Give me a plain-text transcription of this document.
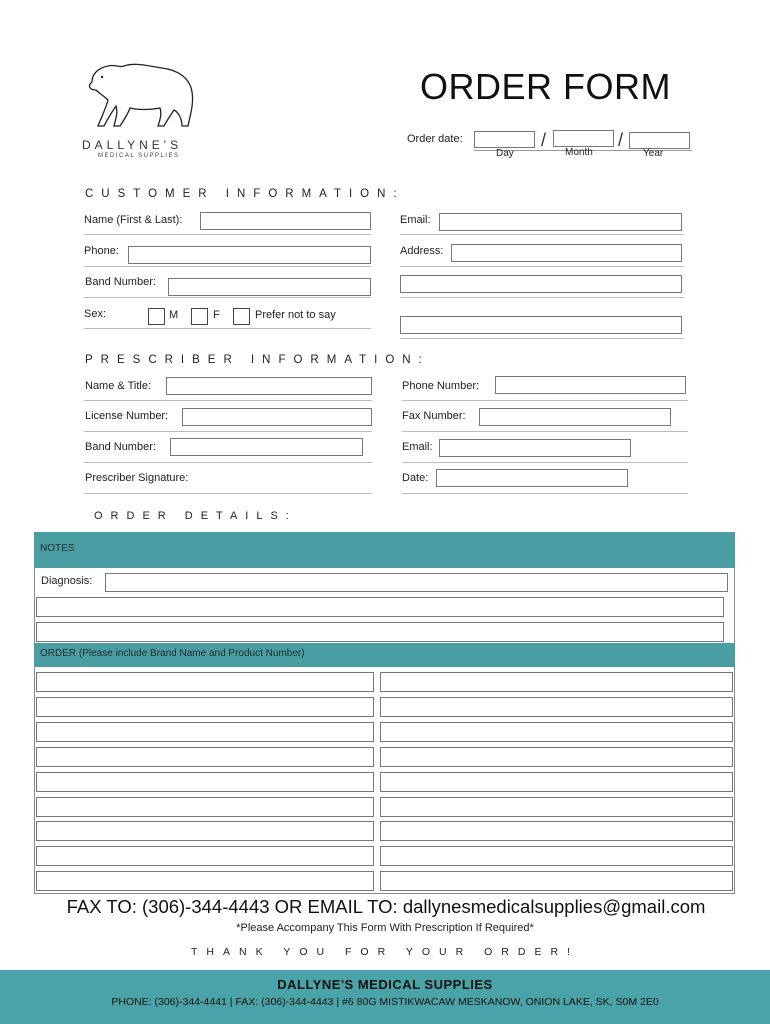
DALLYNE'S
MEDICAL SUPPLIES
ORDER FORM
Order date:	/	/
Day	Month	Year
CUSTOMER INFORMATION:
Name (First & Last):	Email:
Phone:	Address:
Band Number:
Sex:	M	F	Prefer not to say
PRESCRIBER INFORMATION:
Name & Title:	Phone Number:
License Number:	Fax Number:
Band Number:	Email:
Prescriber Signature:	Date:
ORDER DETAILS:
NOTES
Diagnosis:
ORDER (Please include Brand Name and Product Number)
FAX TO: (306)-344-4443 OR EMAIL TO: dallynesmedicalsupplies@gmail.com
*Please Accompany This Form With Prescription If Required*
THANK YOU FOR YOUR ORDER!
DALLYNE'S MEDICAL SUPPLIES
PHONE: (306)-344-4441 | FAX: (306)-344-4443 | #6 80G MISTIKWACAW MESKANOW, ONION LAKE, SK, S0M 2E0
